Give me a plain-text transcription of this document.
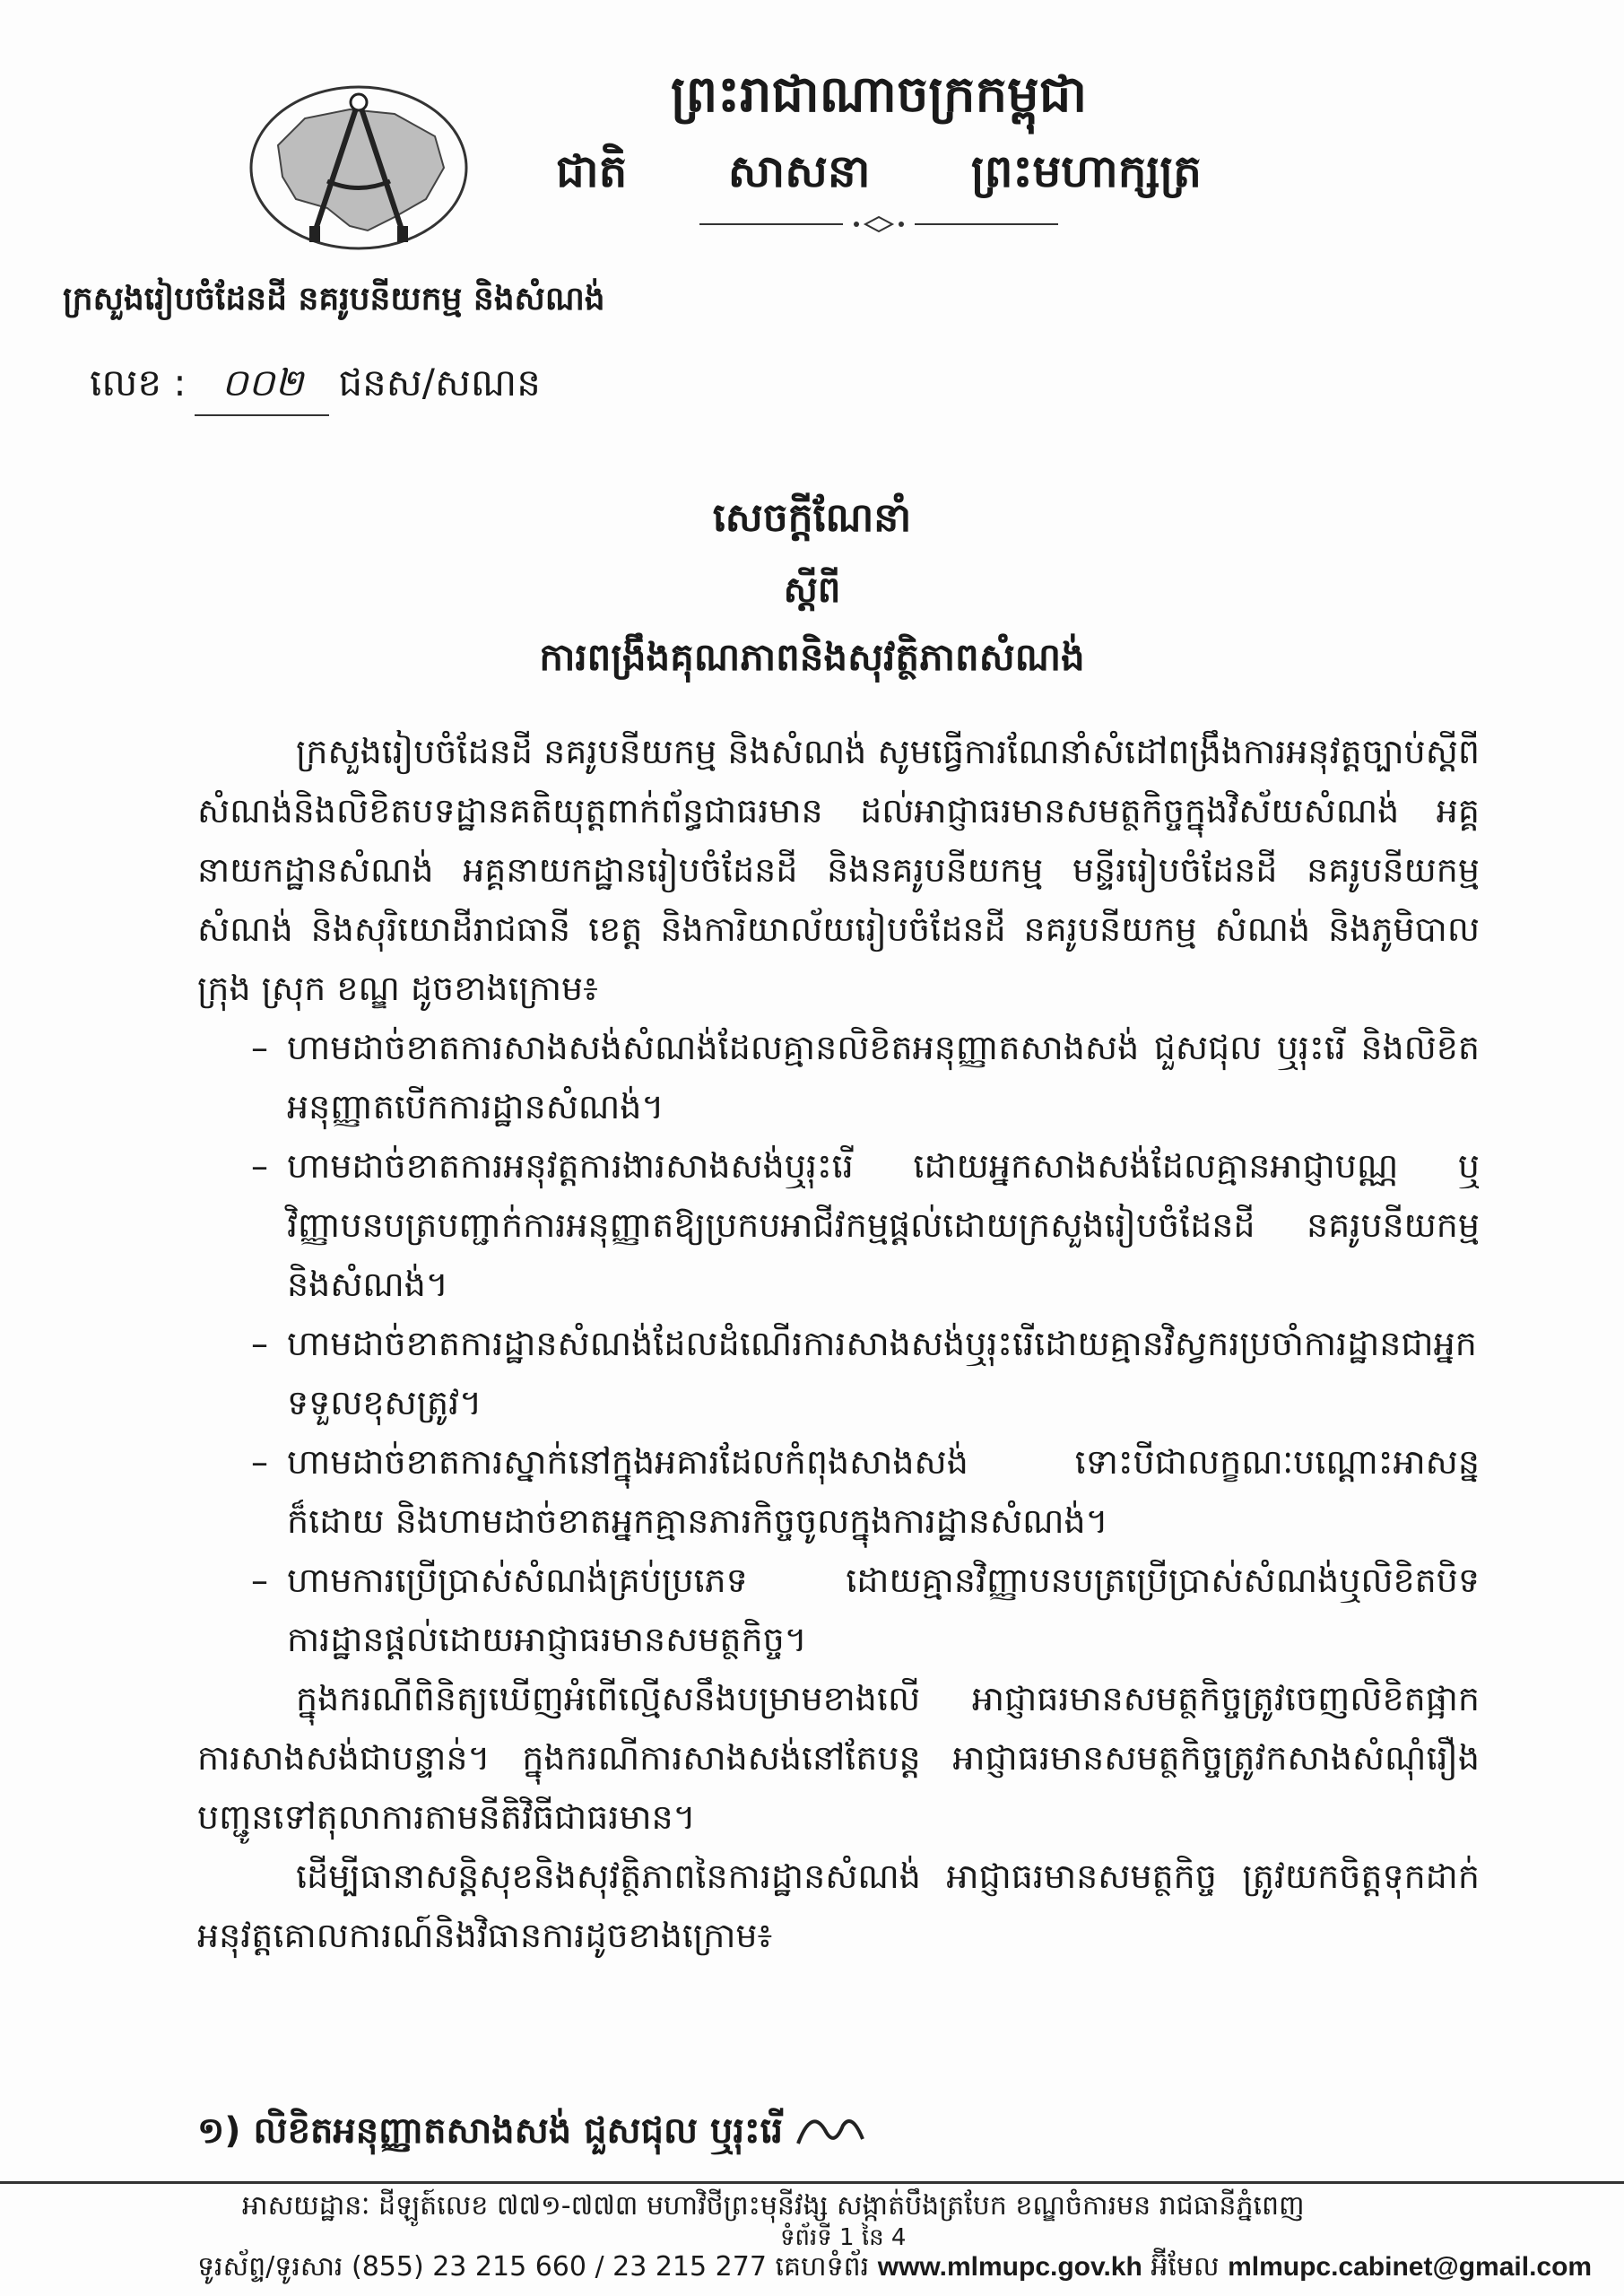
ព្រះរាជាណាចក្រកម្ពុជា
ជាតិ សាសនា ព្រះមហាក្សត្រ
ក្រសួងរៀបចំដែនដី នគរូបនីយកម្ម និងសំណង់
លេខ : ០០២ ជនស/សណន
សេចក្តីណែនាំ
ស្តីពី
ការពង្រឹងគុណភាពនិងសុវត្ថិភាពសំណង់

ក្រសួងរៀបចំដែនដី នគរូបនីយកម្ម និងសំណង់ សូមធ្វើការណែនាំសំដៅពង្រឹងការអនុវត្តច្បាប់ស្តីពីសំណង់និងលិខិតបទដ្ឋានគតិយុត្តពាក់ព័ន្ធជាធរមាន ដល់អាជ្ញាធរមានសមត្ថកិច្ចក្នុងវិស័យសំណង់ អគ្គនាយកដ្ឋានសំណង់ អគ្គនាយកដ្ឋានរៀបចំដែនដី និងនគរូបនីយកម្ម មន្ទីររៀបចំដែនដី នគរូបនីយកម្ម សំណង់ និងសុរិយោដីរាជធានី ខេត្ត និងការិយាល័យរៀបចំដែនដី នគរូបនីយកម្ម សំណង់ និងភូមិបាលក្រុង ស្រុក ខណ្ឌ ដូចខាងក្រោម៖

– ហាមដាច់ខាតការសាងសង់សំណង់ដែលគ្មានលិខិតអនុញ្ញាតសាងសង់ ជួសជុល ឬរុះរើ និងលិខិតអនុញ្ញាតបើកការដ្ឋានសំណង់។

– ហាមដាច់ខាតការអនុវត្តការងារសាងសង់ឬរុះរើ ដោយអ្នកសាងសង់ដែលគ្មានអាជ្ញាបណ្ណ ឬវិញ្ញាបនបត្របញ្ជាក់ការអនុញ្ញាតឱ្យប្រកបអាជីវកម្មផ្តល់ដោយក្រសួងរៀបចំដែនដី នគរូបនីយកម្ម និងសំណង់។

– ហាមដាច់ខាតការដ្ឋានសំណង់ដែលដំណើរការសាងសង់ឬរុះរើដោយគ្មានវិស្វករប្រចាំការដ្ឋានជាអ្នកទទួលខុសត្រូវ។

– ហាមដាច់ខាតការស្នាក់នៅក្នុងអគារដែលកំពុងសាងសង់ ទោះបីជាលក្ខណៈបណ្តោះអាសន្នក៏ដោយ និងហាមដាច់ខាតអ្នកគ្មានភារកិច្ចចូលក្នុងការដ្ឋានសំណង់។

– ហាមការប្រើប្រាស់សំណង់គ្រប់ប្រភេទ ដោយគ្មានវិញ្ញាបនបត្រប្រើប្រាស់សំណង់ឬលិខិតបិទការដ្ឋានផ្តល់ដោយអាជ្ញាធរមានសមត្ថកិច្ច។

ក្នុងករណីពិនិត្យឃើញអំពើល្មើសនឹងបម្រាមខាងលើ អាជ្ញាធរមានសមត្ថកិច្ចត្រូវចេញលិខិតផ្អាកការសាងសង់ជាបន្ទាន់។ ក្នុងករណីការសាងសង់នៅតែបន្ត អាជ្ញាធរមានសមត្ថកិច្ចត្រូវកសាងសំណុំរឿងបញ្ជូនទៅតុលាការតាមនីតិវិធីជាធរមាន។

ដើម្បីធានាសន្តិសុខនិងសុវត្ថិភាពនៃការដ្ឋានសំណង់ អាជ្ញាធរមានសមត្ថកិច្ច ត្រូវយកចិត្តទុកដាក់អនុវត្តគោលការណ៍និងវិធានការដូចខាងក្រោម៖

១) លិខិតអនុញ្ញាតសាងសង់ ជួសជុល ឬរុះរើ
អាសយដ្ឋានៈ ដីឡូត៍លេខ ៧៧១-៧៧៣ មហាវិថីព្រះមុនីវង្ស សង្កាត់បឹងត្របែក ខណ្ឌចំការមន រាជធានីភ្នំពេញ
ទំព័រទី 1 នៃ 4
ទូរស័ព្ទ/ទូរសារ (855) 23 215 660 / 23 215 277 គេហទំព័រ www.mlmupc.gov.kh អ៊ីមែល mlmupc.cabinet@gmail.com
